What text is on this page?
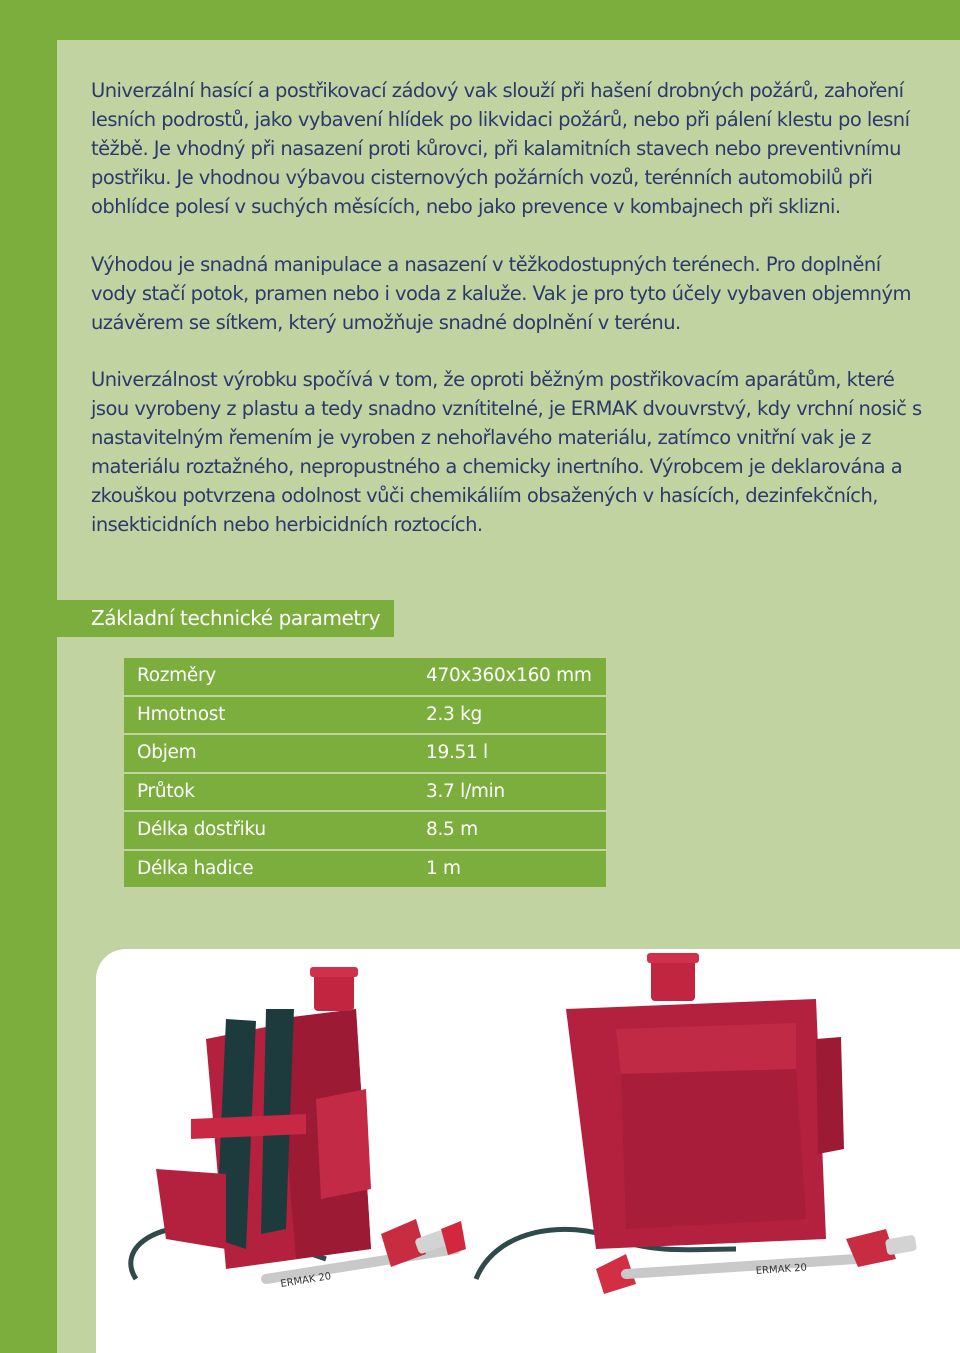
Univerzální hasící a postřikovací zádový vak slouží při hašení drobných požárů, zahoření lesních podrostů, jako vybavení hlídek po likvidaci požárů, nebo při pálení klestu po lesní těžbě. Je vhodný při nasazení proti kůrovci, při kalamitních stavech nebo preventivnímu postřiku. Je vhodnou výbavou cisternových požárních vozů, terénních automobilů při obhlídce polesí v suchých měsících, nebo jako prevence v kombajnech při sklizni.
Výhodou je snadná manipulace a nasazení v těžkodostupných terénech. Pro doplnění vody stačí potok, pramen nebo i voda z kaluže. Vak je pro tyto účely vybaven objemným uzávěrem se sítkem, který umožňuje snadné doplnění v terénu.
Univerzálnost výrobku spočívá v tom, že oproti běžným postřikovacím aparátům, které jsou vyrobeny z plastu a tedy snadno vznítitelné, je ERMAK dvouvrstvý, kdy vrchní nosič s nastavitelným řemením je vyroben z nehořlavého materiálu, zatímco vnitřní vak je z materiálu roztažného, nepropustného a chemicky inertního. Výrobcem je deklarována a zkouškou potvrzena odolnost vůči chemikáliím obsažených v hasících, dezinfekčních, insekticidních nebo herbicidních roztocích.
Základní technické parametry
Rozměry	470x360x160 mm
Hmotnost	2.3 kg
Objem	19.51 l
Průtok	3.7 l/min
Délka dostřiku	8.5 m
Délka hadice	1 m
ERMAK 20
ERMAK 20
